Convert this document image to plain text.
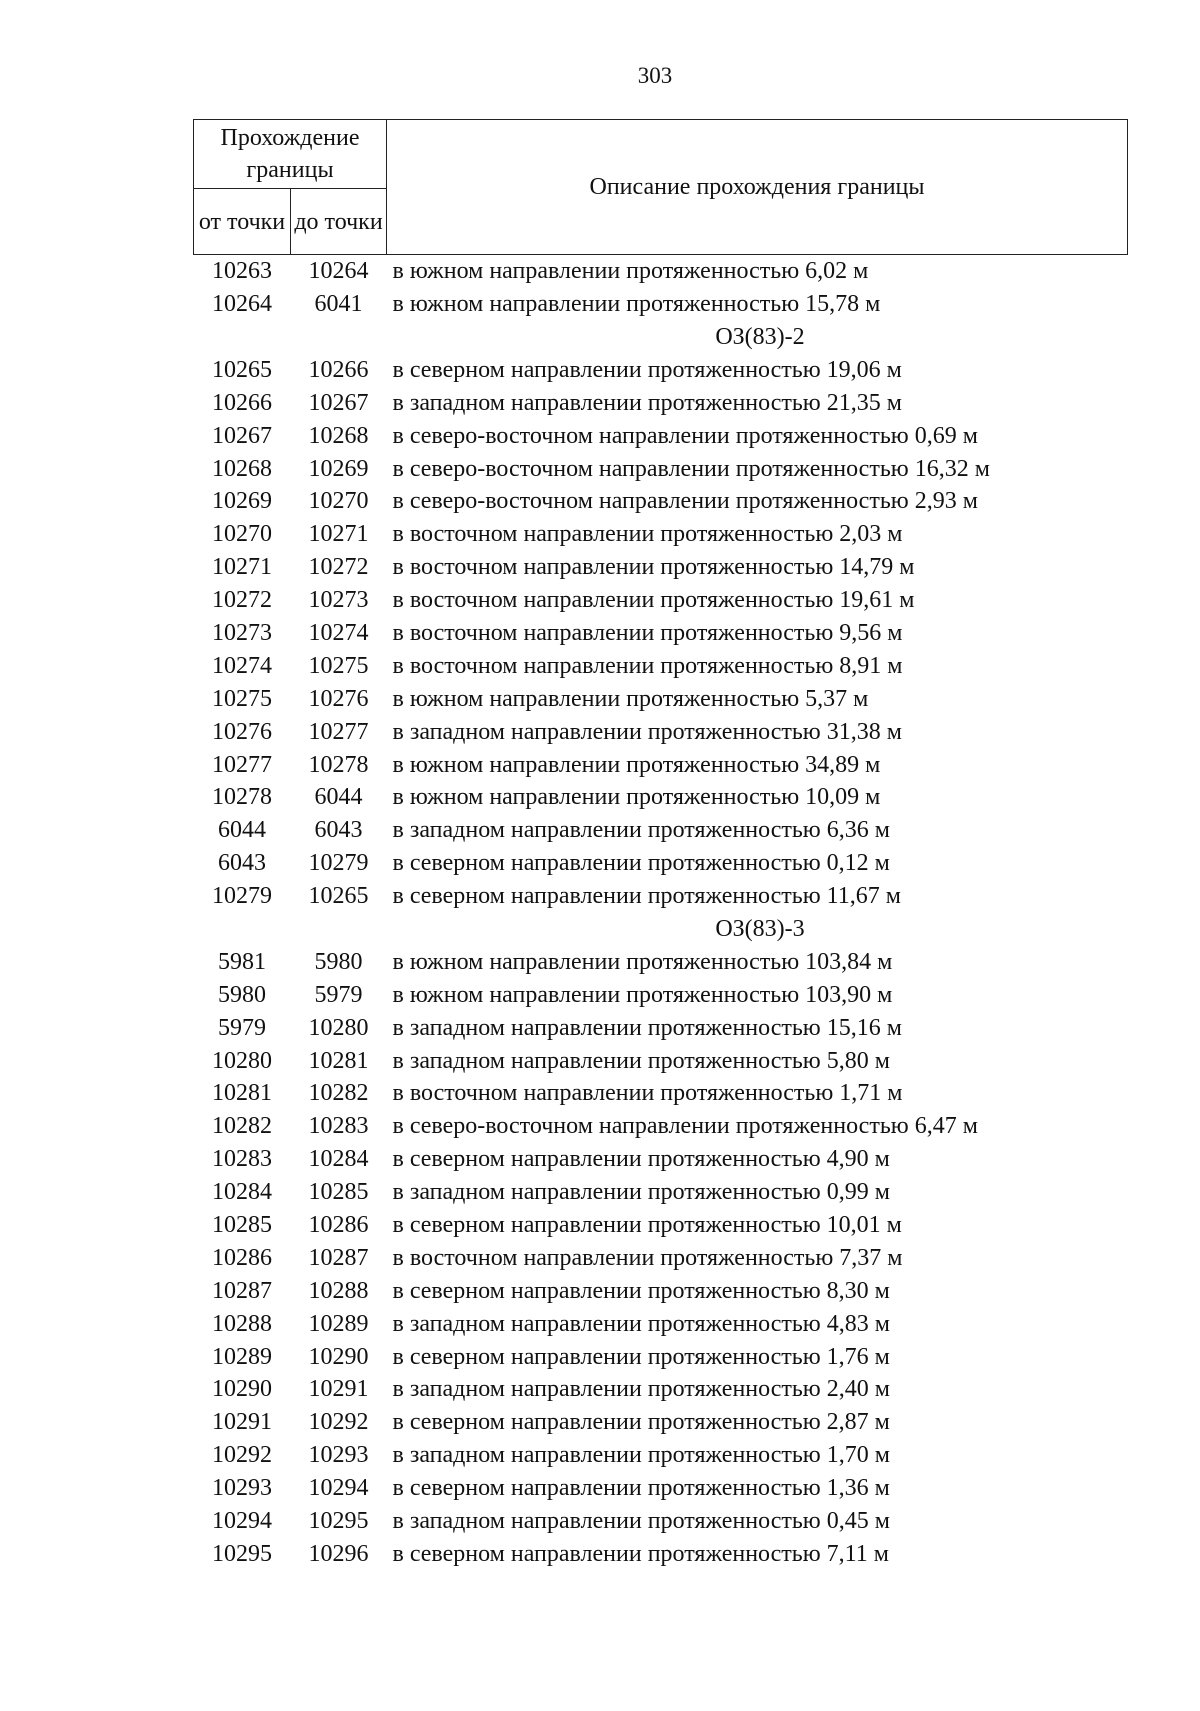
303
Прохождение границы		Описание прохождения границы
от точки	до точки	
10263	10264	в южном направлении протяженностью 6,02 м
10264	6041	в южном направлении протяженностью 15,78 м
		ОЗ(83)-2
10265	10266	в северном направлении протяженностью 19,06 м
10266	10267	в западном направлении протяженностью 21,35 м
10267	10268	в северо-восточном направлении протяженностью 0,69 м
10268	10269	в северо-восточном направлении протяженностью 16,32 м
10269	10270	в северо-восточном направлении протяженностью 2,93 м
10270	10271	в восточном направлении протяженностью 2,03 м
10271	10272	в восточном направлении протяженностью 14,79 м
10272	10273	в восточном направлении протяженностью 19,61 м
10273	10274	в восточном направлении протяженностью 9,56 м
10274	10275	в восточном направлении протяженностью 8,91 м
10275	10276	в южном направлении протяженностью 5,37 м
10276	10277	в западном направлении протяженностью 31,38 м
10277	10278	в южном направлении протяженностью 34,89 м
10278	6044	в южном направлении протяженностью 10,09 м
6044	6043	в западном направлении протяженностью 6,36 м
6043	10279	в северном направлении протяженностью 0,12 м
10279	10265	в северном направлении протяженностью 11,67 м
		ОЗ(83)-3
5981	5980	в южном направлении протяженностью 103,84 м
5980	5979	в южном направлении протяженностью 103,90 м
5979	10280	в западном направлении протяженностью 15,16 м
10280	10281	в западном направлении протяженностью 5,80 м
10281	10282	в восточном направлении протяженностью 1,71 м
10282	10283	в северо-восточном направлении протяженностью 6,47 м
10283	10284	в северном направлении протяженностью 4,90 м
10284	10285	в западном направлении протяженностью 0,99 м
10285	10286	в северном направлении протяженностью 10,01 м
10286	10287	в восточном направлении протяженностью 7,37 м
10287	10288	в северном направлении протяженностью 8,30 м
10288	10289	в западном направлении протяженностью 4,83 м
10289	10290	в северном направлении протяженностью 1,76 м
10290	10291	в западном направлении протяженностью 2,40 м
10291	10292	в северном направлении протяженностью 2,87 м
10292	10293	в западном направлении протяженностью 1,70 м
10293	10294	в северном направлении протяженностью 1,36 м
10294	10295	в западном направлении протяженностью 0,45 м
10295	10296	в северном направлении протяженностью 7,11 м
